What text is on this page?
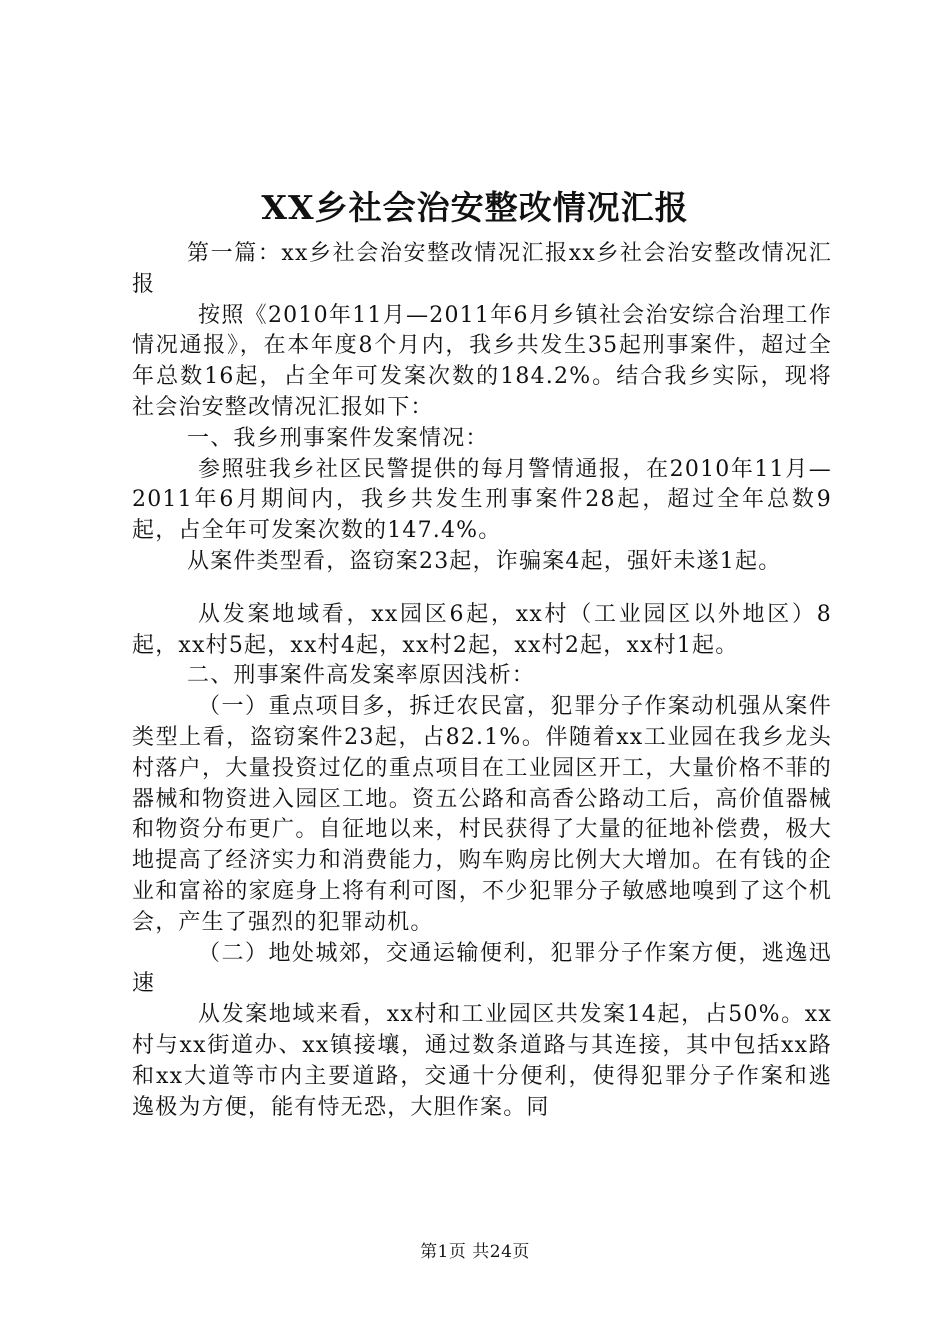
XX乡社会治安整改情况汇报

第一篇：xx乡社会治安整改情况汇报xx乡社会治安整改情况汇报

按照《2010年11月—2011年6月乡镇社会治安综合治理工作情况通报》，在本年度8个月内，我乡共发生35起刑事案件，超过全年总数16起，占全年可发案次数的184.2%。结合我乡实际，现将社会治安整改情况汇报如下：

一、我乡刑事案件发案情况：

参照驻我乡社区民警提供的每月警情通报，在2010年11月—2011年6月期间内，我乡共发生刑事案件28起，超过全年总数9起，占全年可发案次数的147.4%。

从案件类型看，盗窃案23起，诈骗案4起，强奸未遂1起。

从发案地域看，xx园区6起，xx村（工业园区以外地区）8起，xx村5起，xx村4起，xx村2起，xx村2起，xx村1起。

二、刑事案件高发案率原因浅析：

（一）重点项目多，拆迁农民富，犯罪分子作案动机强从案件类型上看，盗窃案件23起，占82.1%。伴随着xx工业园在我乡龙头村落户，大量投资过亿的重点项目在工业园区开工，大量价格不菲的器械和物资进入园区工地。资五公路和高香公路动工后，高价值器械和物资分布更广。自征地以来，村民获得了大量的征地补偿费，极大地提高了经济实力和消费能力，购车购房比例大大增加。在有钱的企业和富裕的家庭身上将有利可图，不少犯罪分子敏感地嗅到了这个机会，产生了强烈的犯罪动机。

（二）地处城郊，交通运输便利，犯罪分子作案方便，逃逸迅速

从发案地域来看，xx村和工业园区共发案14起，占50%。xx村与xx街道办、xx镇接壤，通过数条道路与其连接，其中包括xx路和xx大道等市内主要道路，交通十分便利，使得犯罪分子作案和逃逸极为方便，能有恃无恐，大胆作案。同

第1页 共24页
